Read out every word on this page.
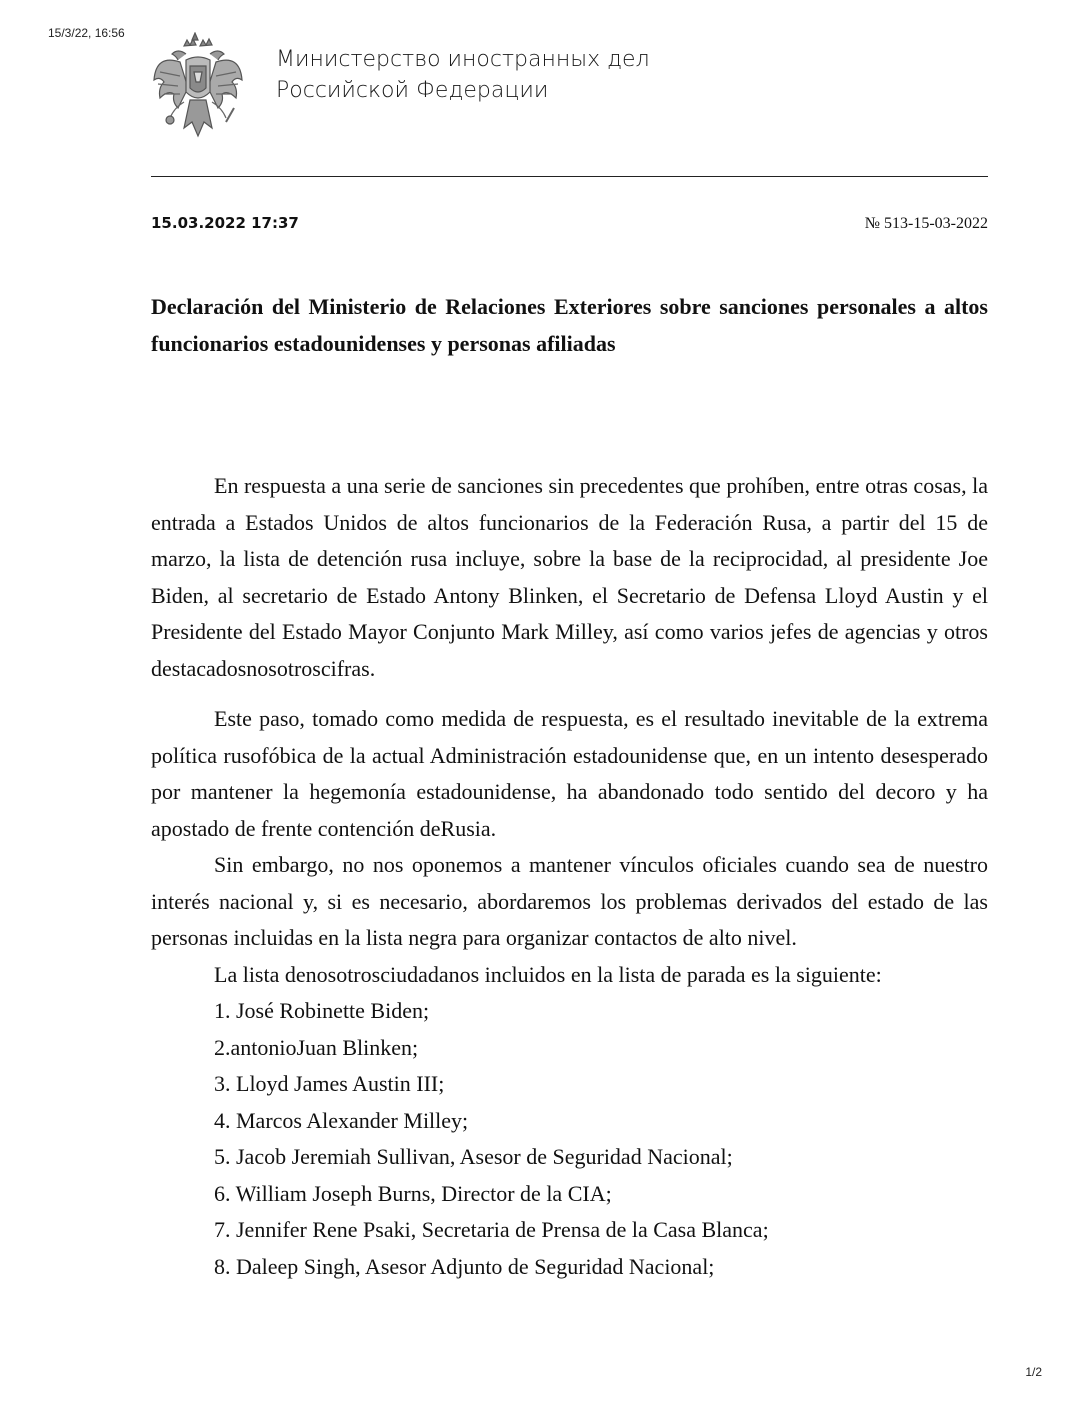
15/3/22, 16:56
Министерство иностранных дел
Российской Федерации
15.03.2022 17:37	№ 513-15-03-2022
Declaración del Ministerio de Relaciones Exteriores sobre sanciones personales a altos funcionarios estadounidenses y personas afiliadas

En respuesta a una serie de sanciones sin precedentes que prohíben, entre otras cosas, la entrada a Estados Unidos de altos funcionarios de la Federación Rusa, a partir del 15 de marzo, la lista de detención rusa incluye, sobre la base de la reciprocidad, al presidente Joe Biden, al secretario de Estado Antony Blinken, el Secretario de Defensa Lloyd Austin y el Presidente del Estado Mayor Conjunto Mark Milley, así como varios jefes de agencias y otros destacadosnosotroscifras.

Este paso, tomado como medida de respuesta, es el resultado inevitable de la extrema política rusofóbica de la actual Administración estadounidense que, en un intento desesperado por mantener la hegemonía estadounidense, ha abandonado todo sentido del decoro y ha apostado de frente contención deRusia.

Sin embargo, no nos oponemos a mantener vínculos oficiales cuando sea de nuestro interés nacional y, si es necesario, abordaremos los problemas derivados del estado de las personas incluidas en la lista negra para organizar contactos de alto nivel.

La lista denosotrosciudadanos incluidos en la lista de parada es la siguiente:

1. José Robinette Biden;
2.antonioJuan Blinken;
3. Lloyd James Austin III;
4. Marcos Alexander Milley;
5. Jacob Jeremiah Sullivan, Asesor de Seguridad Nacional;
6. William Joseph Burns, Director de la CIA;
7. Jennifer Rene Psaki, Secretaria de Prensa de la Casa Blanca;
8. Daleep Singh, Asesor Adjunto de Seguridad Nacional;
1/2
